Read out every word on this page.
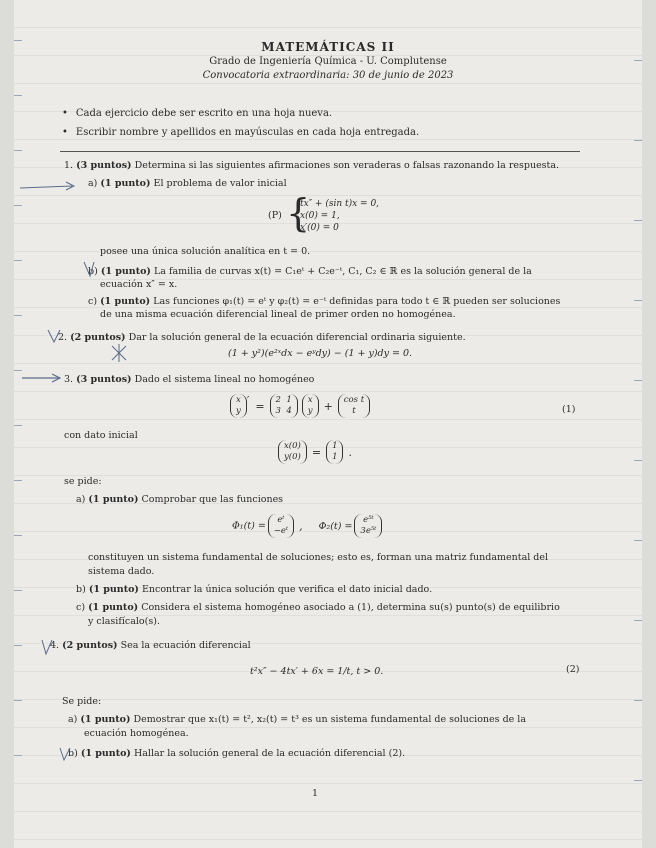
MATEMÁTICAS II
Grado de Ingeniería Química - U. Complutense
Convocatoria extraordinaria: 30 de junio de 2023
• Cada ejercicio debe ser escrito en una hoja nueva.
• Escribir nombre y apellidos en mayúsculas en cada hoja entregada.
1. (3 puntos) Determina si las siguientes afirmaciones son veraderas o falsas razonando la respuesta.
a) (1 punto) El problema de valor inicial
(P) {
tx″ + (sin t)x = 0,
x(0) = 1,
x′(0) = 0
posee una única solución analítica en t = 0.
b) (1 punto) La familia de curvas x(t) = C₁eᵗ + C₂e⁻ᵗ, C₁, C₂ ∈ ℝ es la solución general de la
ecuación x″ = x.
c) (1 punto) Las funciones φ₁(t) = eᵗ y φ₂(t) = e⁻ᵗ definidas para todo t ∈ ℝ pueden ser soluciones
de una misma ecuación diferencial lineal de primer orden no homogénea.
2. (2 puntos) Dar la solución general de la ecuación diferencial ordinaria siguiente.
(1 + y²)(e²ˣdx − eʸdy) − (1 + y)dy = 0.
3. (3 puntos) Dado el sistema lineal no homogéneo
x
y′ = 2  1
3  4x
y + cos t
t	(1)
con dato inicial
x(0)
y(0) = 1
1 .
se pide:
a) (1 punto) Comprobar que las funciones
Φ₁(t) =eᵗ
−eᵗ , Φ₂(t) =e⁵ᵗ
3e⁵ᵗ
constituyen un sistema fundamental de soluciones; esto es, forman una matriz fundamental del
sistema dado.
b) (1 punto) Encontrar la única solución que verifica el dato inicial dado.
c) (1 punto) Considera el sistema homogéneo asociado a (1), determina su(s) punto(s) de equilibrio
y clasifícalo(s).
4. (2 puntos) Sea la ecuación diferencial
t²x″ − 4tx′ + 6x = 1/t, t > 0.	(2)
Se pide:
a) (1 punto) Demostrar que x₁(t) = t², x₂(t) = t³ es un sistema fundamental de soluciones de la
ecuación homogénea.
b) (1 punto) Hallar la solución general de la ecuación diferencial (2).
1
